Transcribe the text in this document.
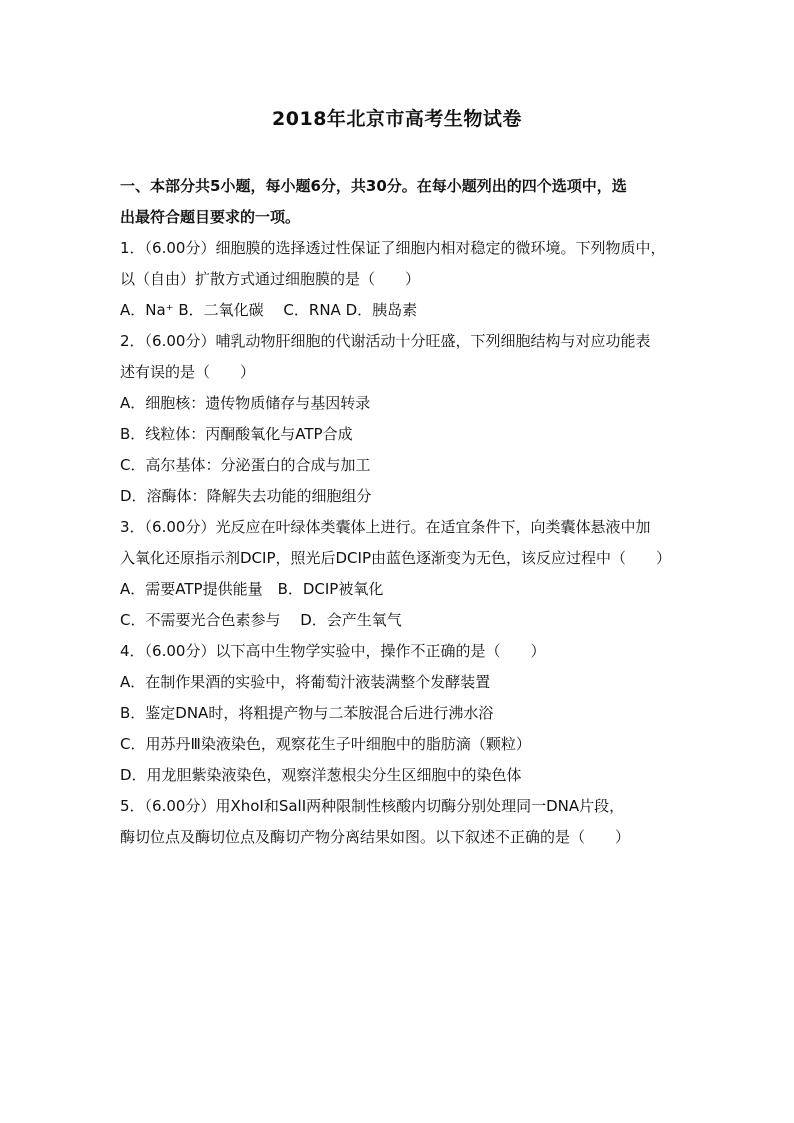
2018年北京市高考生物试卷
一、本部分共5小题，每小题6分，共30分。在每小题列出的四个选项中，选
出最符合题目要求的一项。
1．（6.00分）细胞膜的选择透过性保证了细胞内相对稳定的微环境。下列物质中，
以（自由）扩散方式通过细胞膜的是（　　）
A．Na⁺ B．二氧化碳　 C．RNA D．胰岛素
2．（6.00分）哺乳动物肝细胞的代谢活动十分旺盛，下列细胞结构与对应功能表
述有误的是（　　）
A．细胞核：遗传物质储存与基因转录
B．线粒体：丙酮酸氧化与ATP合成
C．高尔基体：分泌蛋白的合成与加工
D．溶酶体：降解失去功能的细胞组分
3．（6.00分）光反应在叶绿体类囊体上进行。在适宜条件下，向类囊体悬液中加
入氧化还原指示剂DCIP，照光后DCIP由蓝色逐渐变为无色，该反应过程中（　　）
A．需要ATP提供能量　B．DCIP被氧化
C．不需要光合色素参与　 D．会产生氧气
4．（6.00分）以下高中生物学实验中，操作不正确的是（　　）
A．在制作果酒的实验中，将葡萄汁液装满整个发酵装置
B．鉴定DNA时，将粗提产物与二苯胺混合后进行沸水浴
C．用苏丹Ⅲ染液染色，观察花生子叶细胞中的脂肪滴（颗粒）
D．用龙胆紫染液染色，观察洋葱根尖分生区细胞中的染色体
5．（6.00分）用XhoⅠ和SalⅠ两种限制性核酸内切酶分别处理同一DNA片段，
酶切位点及酶切位点及酶切产物分离结果如图。以下叙述不正确的是（　　）
